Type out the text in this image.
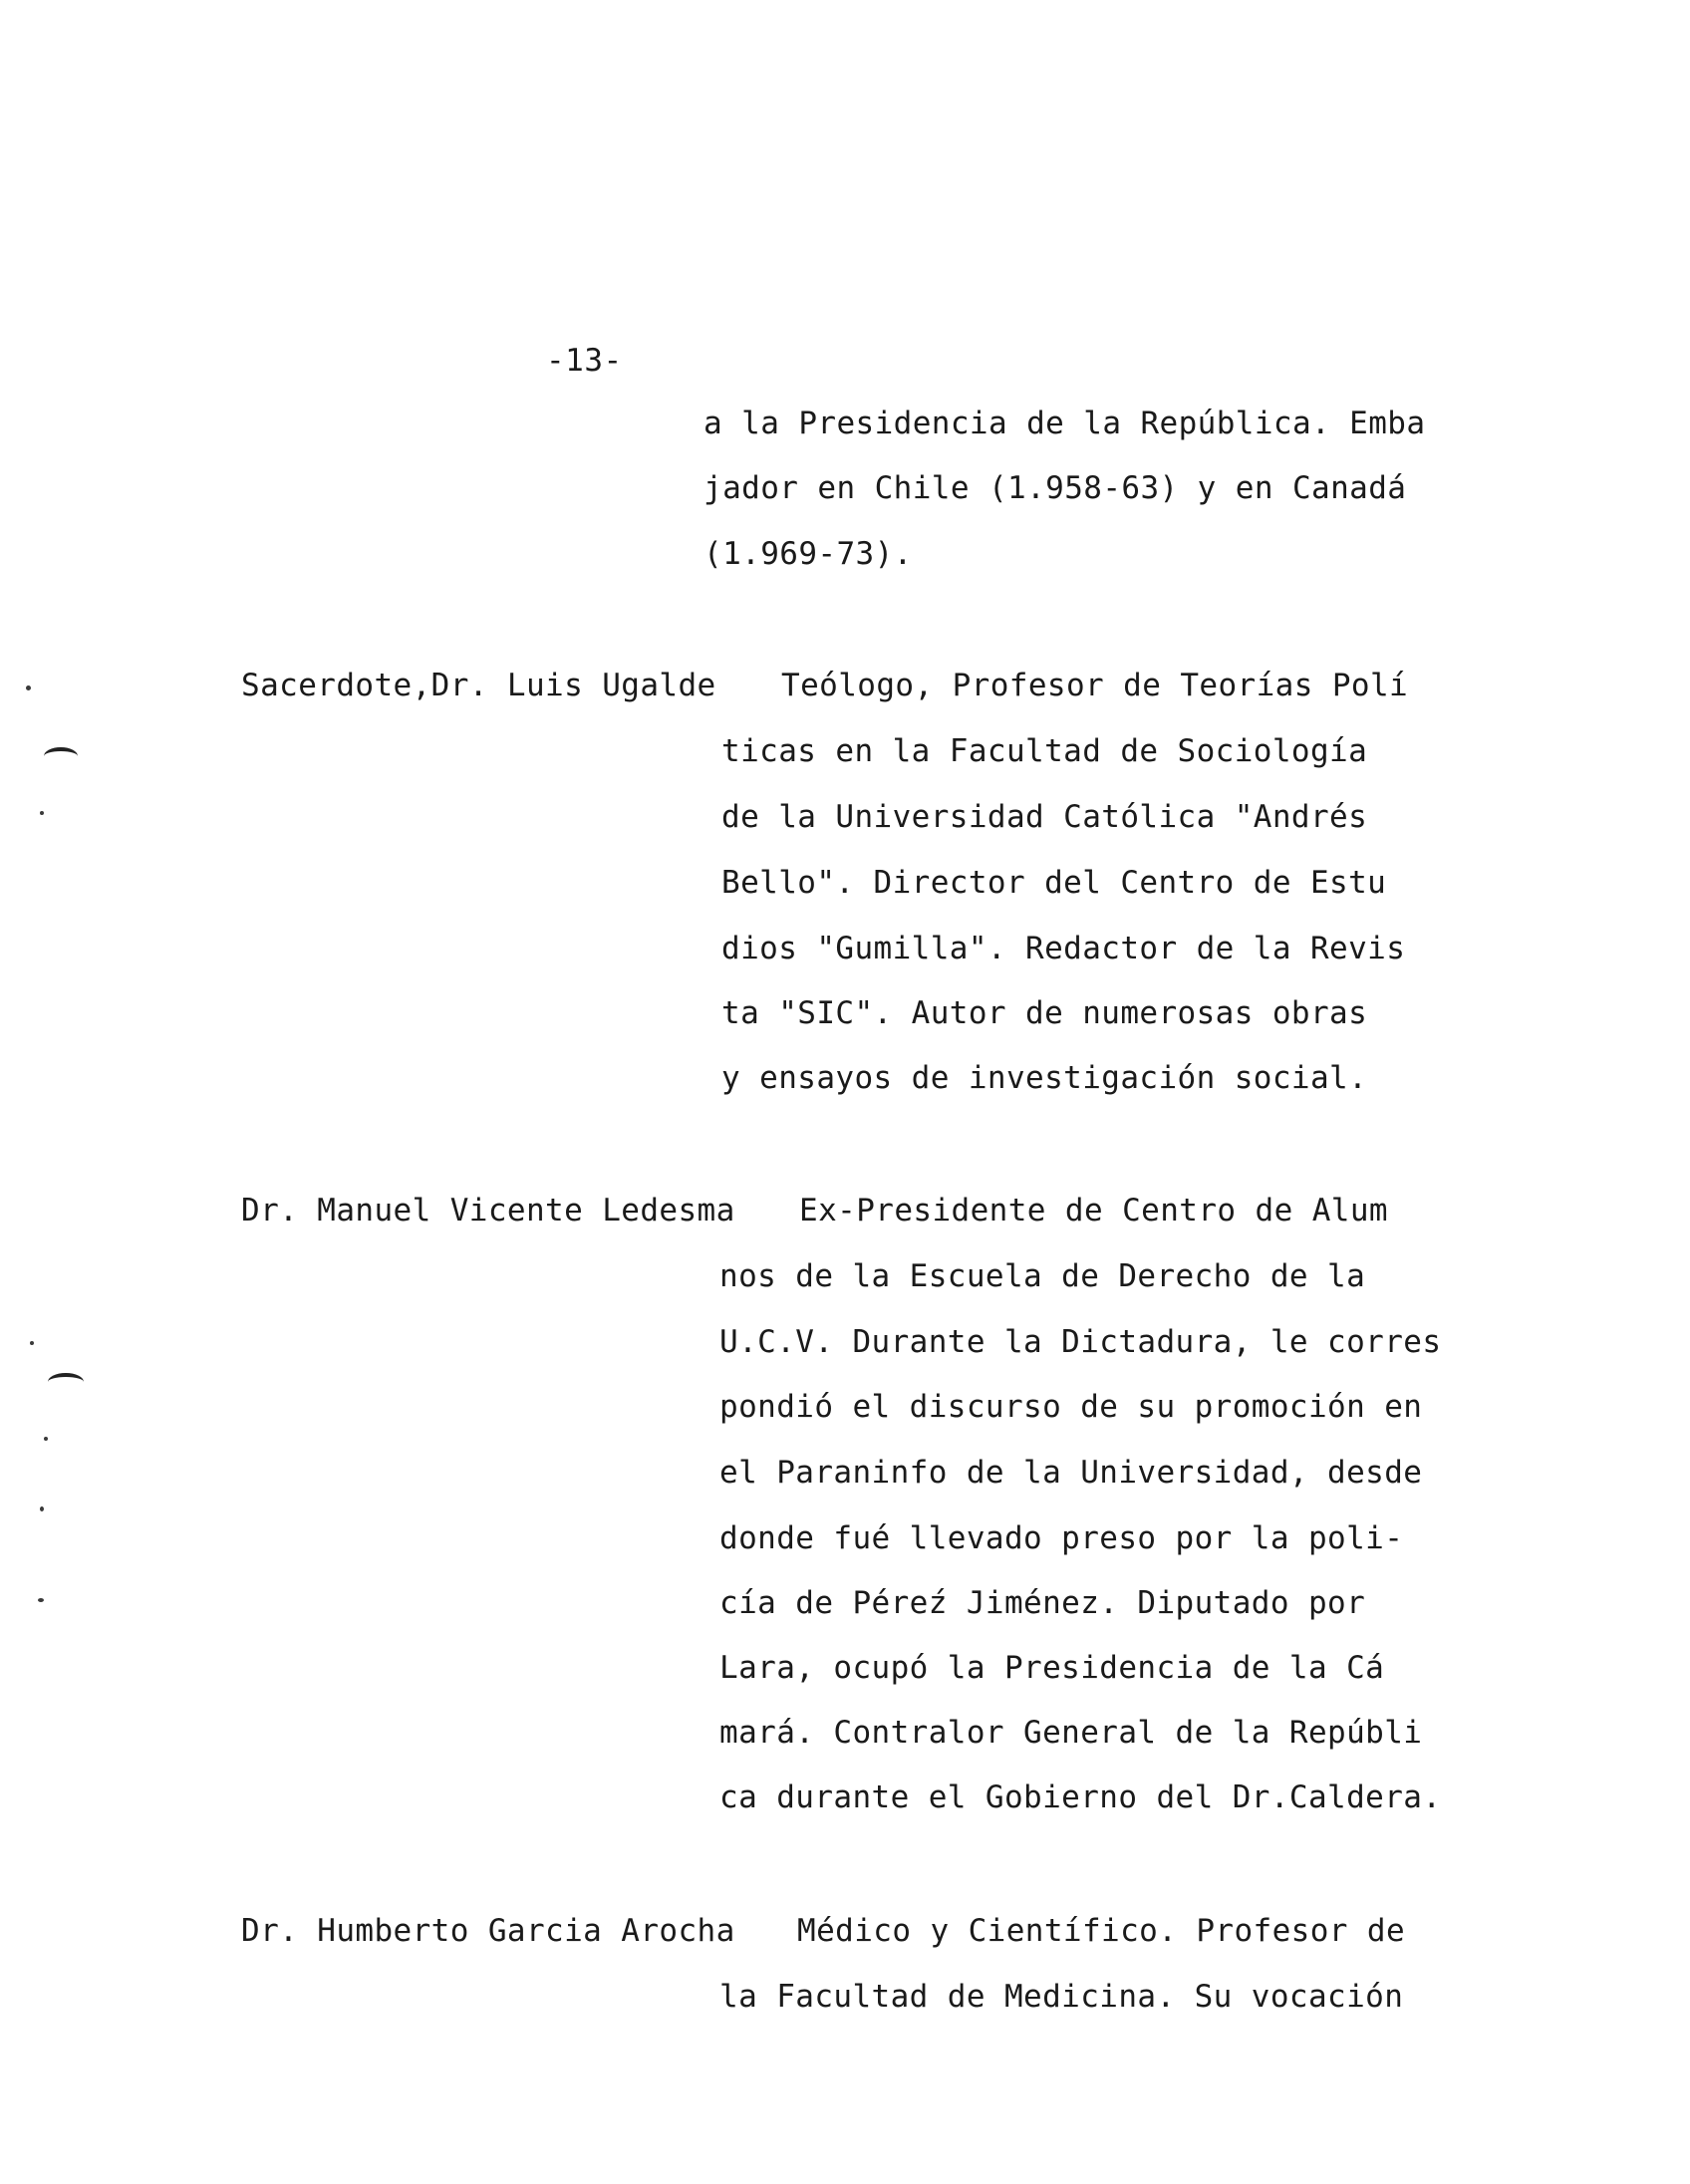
-13-
a la Presidencia de la República. Emba
jador en Chile (1.958-63) y en Canadá
(1.969-73).
Sacerdote,Dr. Luis Ugalde Teólogo, Profesor de Teorías Polí
ticas en la Facultad de Sociología
de la Universidad Católica "Andrés
Bello". Director del Centro de Estu
dios "Gumilla". Redactor de la Revis
ta "SIC". Autor de numerosas obras
y ensayos de investigación social.
Dr. Manuel Vicente Ledesma Ex-Presidente de Centro de Alum
nos de la Escuela de Derecho de la
U.C.V. Durante la Dictadura, le corres
pondió el discurso de su promoción en
el Paraninfo de la Universidad, desde
donde fué llevado preso por la poli-
cía de Péreź Jiménez. Diputado por
Lara, ocupó la Presidencia de la Cá
mará. Contralor General de la Repúbli
ca durante el Gobierno del Dr.Caldera.
Dr. Humberto Garcia Arocha Médico y Científico. Profesor de
la Facultad de Medicina. Su vocación
